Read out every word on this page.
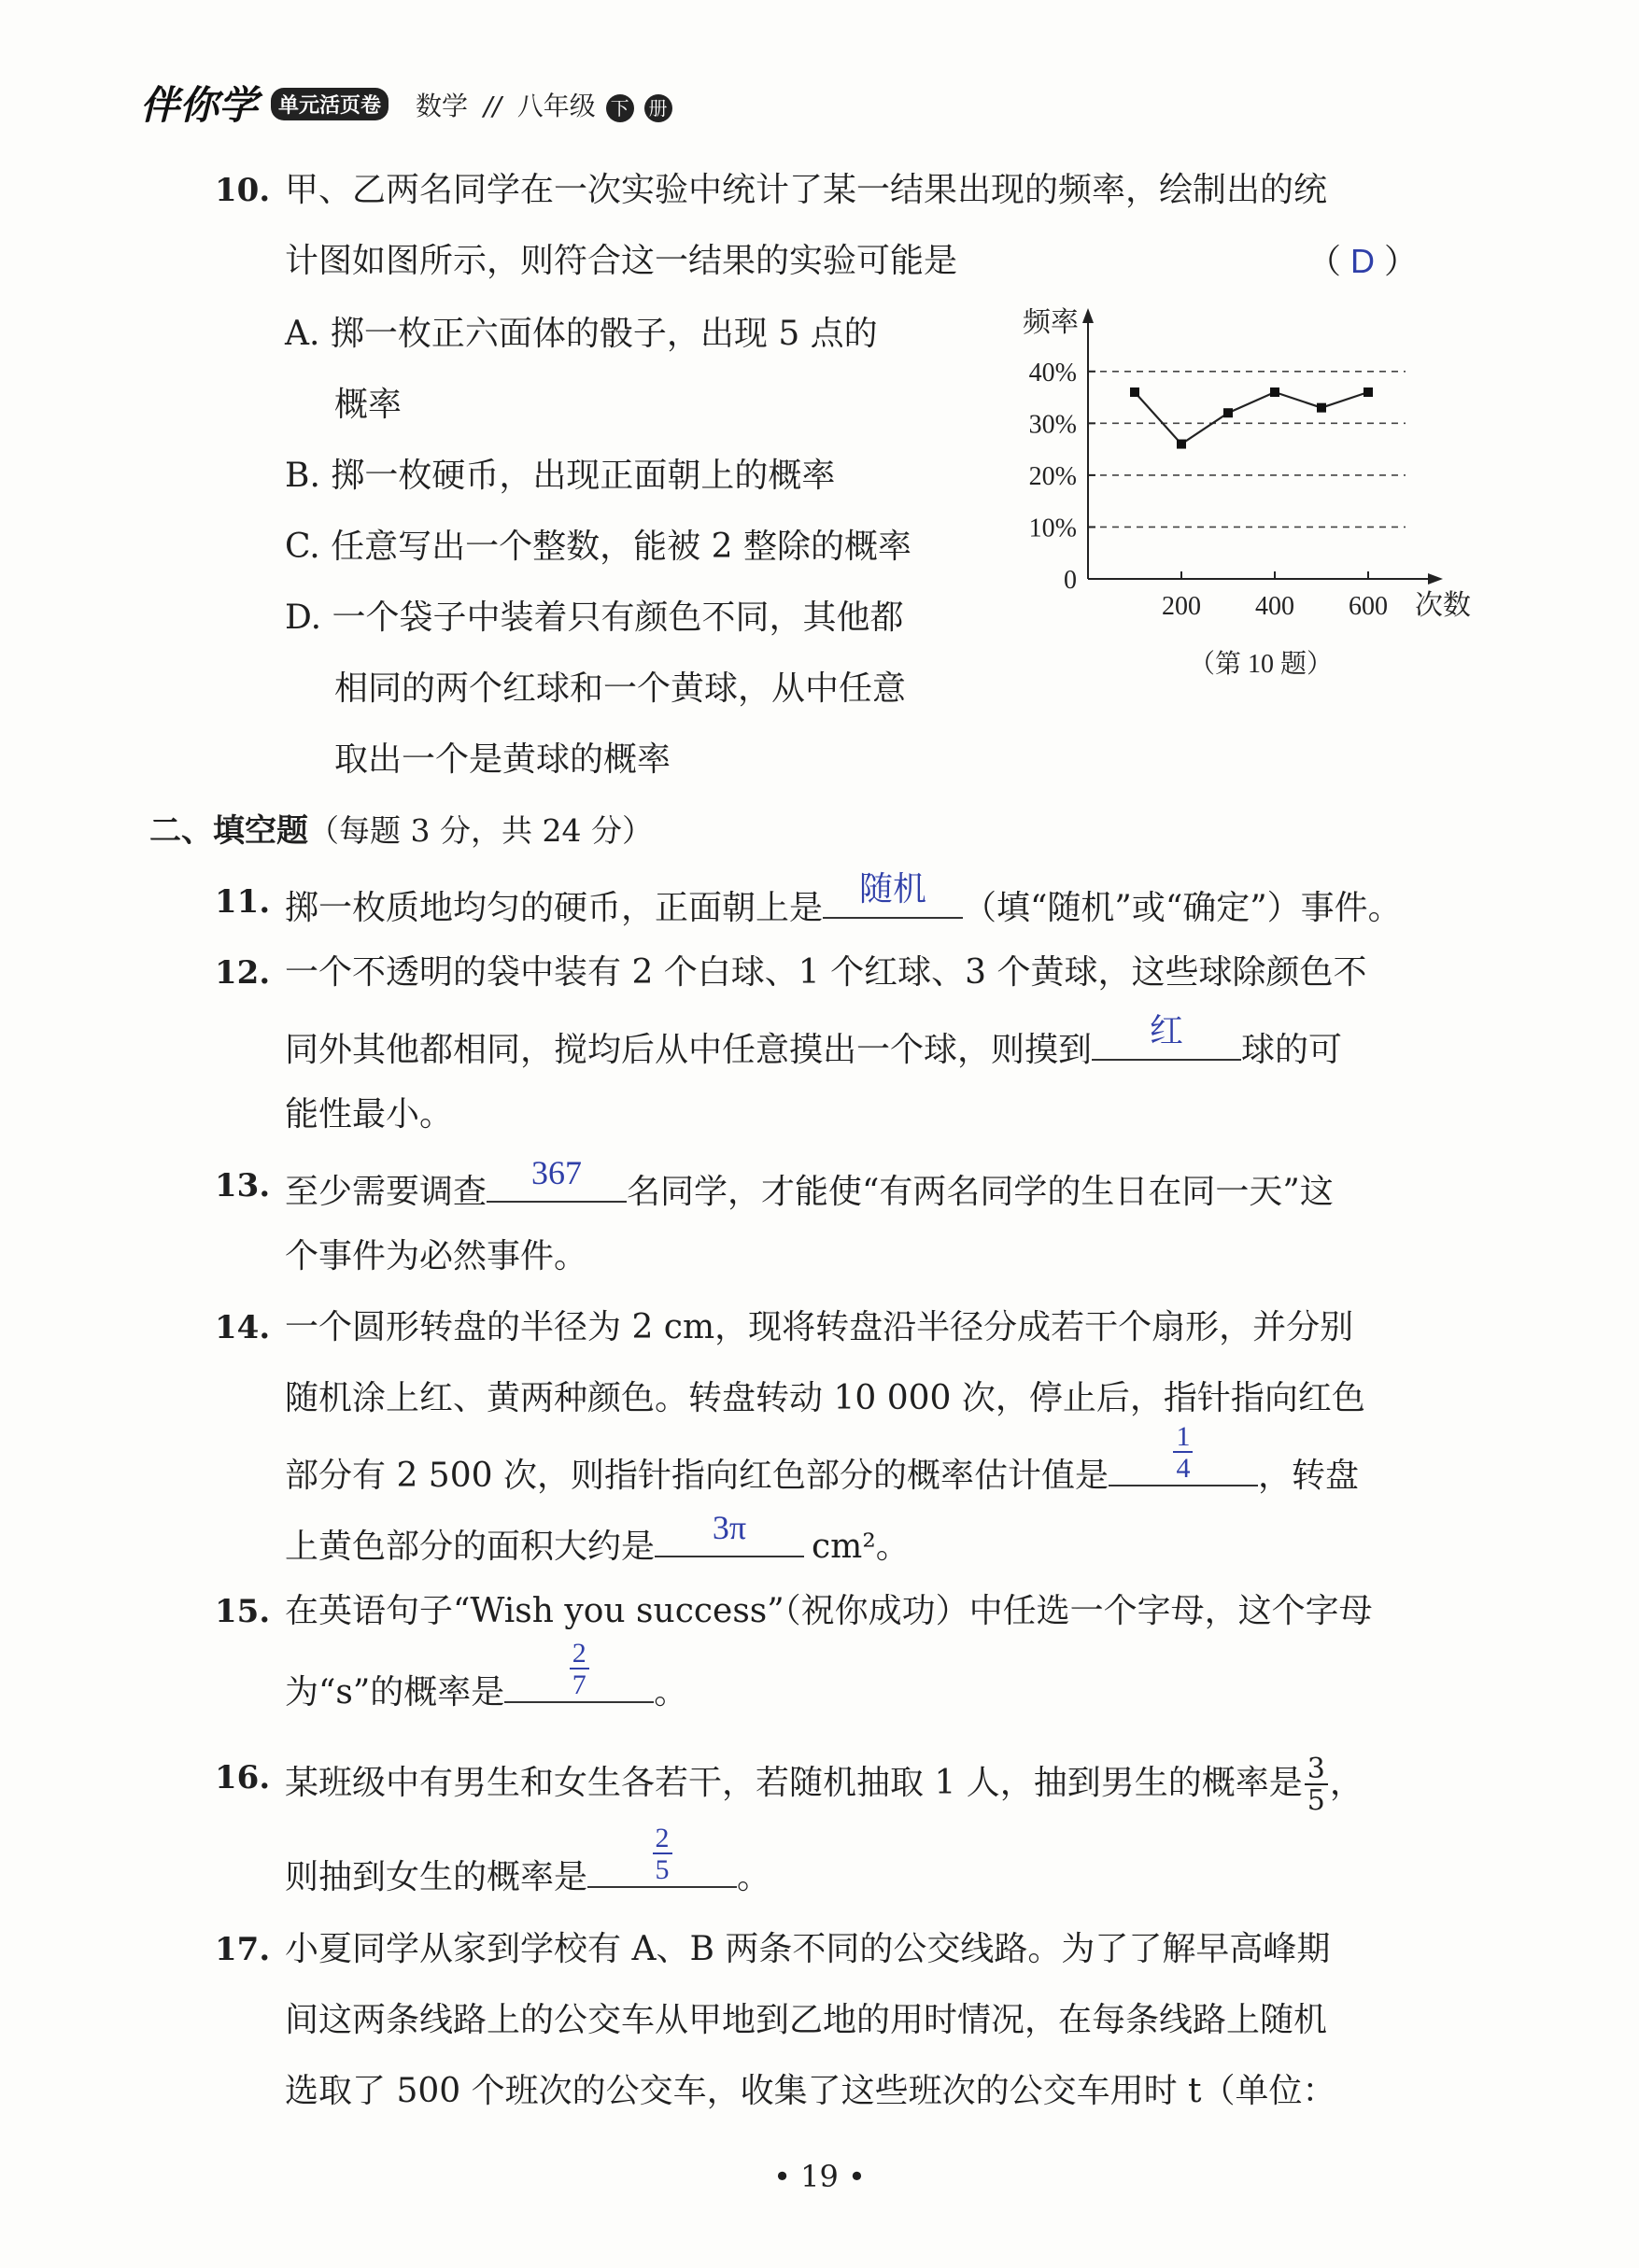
伴你学 单元活页卷 数学 // 八年级 下 册
10. 甲、乙两名同学在一次实验中统计了某一结果出现的频率，绘制出的统
计图如图所示，则符合这一结果的实验可能是	（ D ）
A. 掷一枚正六面体的骰子，出现 5 点的
概率
B. 掷一枚硬币，出现正面朝上的概率
C. 任意写出一个整数，能被 2 整除的概率
D. 一个袋子中装着只有颜色不同，其他都
相同的两个红球和一个黄球，从中任意
取出一个是黄球的概率
频率
0
10%
20%
30%
40%
200 400 600 次数
（第 10 题）
二、填空题（每题 3 分，共 24 分）
11. 掷一枚质地均匀的硬币，正面朝上是	随机	（填“随机”或“确定”）事件。
12. 一个不透明的袋中装有 2 个白球、1 个红球、3 个黄球，这些球除颜色不
同外其他都相同，搅均后从中任意摸出一个球，则摸到	红	球的可
能性最小。
13. 至少需要调查	367	名同学，才能使“有两名同学的生日在同一天”这
个事件为必然事件。
14. 一个圆形转盘的半径为 2 cm，现将转盘沿半径分成若干个扇形，并分别
随机涂上红、黄两种颜色。转盘转动 10 000 次，停止后，指针指向红色
部分有 2 500 次，则指针指向红色部分的概率估计值是 $\frac{1}{4}$ ，转盘
上黄色部分的面积大约是	3π	cm²。
15. 在英语句子“Wish you success”（祝你成功）中任选一个字母，这个字母
为“s”的概率是 $\frac{2}{7}$ 。
16. 某班级中有男生和女生各若干，若随机抽取 1 人，抽到男生的概率是 $\frac{3}{5}$ ，
则抽到女生的概率是 $\frac{2}{5}$ 。
17. 小夏同学从家到学校有 A、B 两条不同的公交线路。为了了解早高峰期
间这两条线路上的公交车从甲地到乙地的用时情况，在每条线路上随机
选取了 500 个班次的公交车，收集了这些班次的公交车用时 t（单位：
• 19 •
